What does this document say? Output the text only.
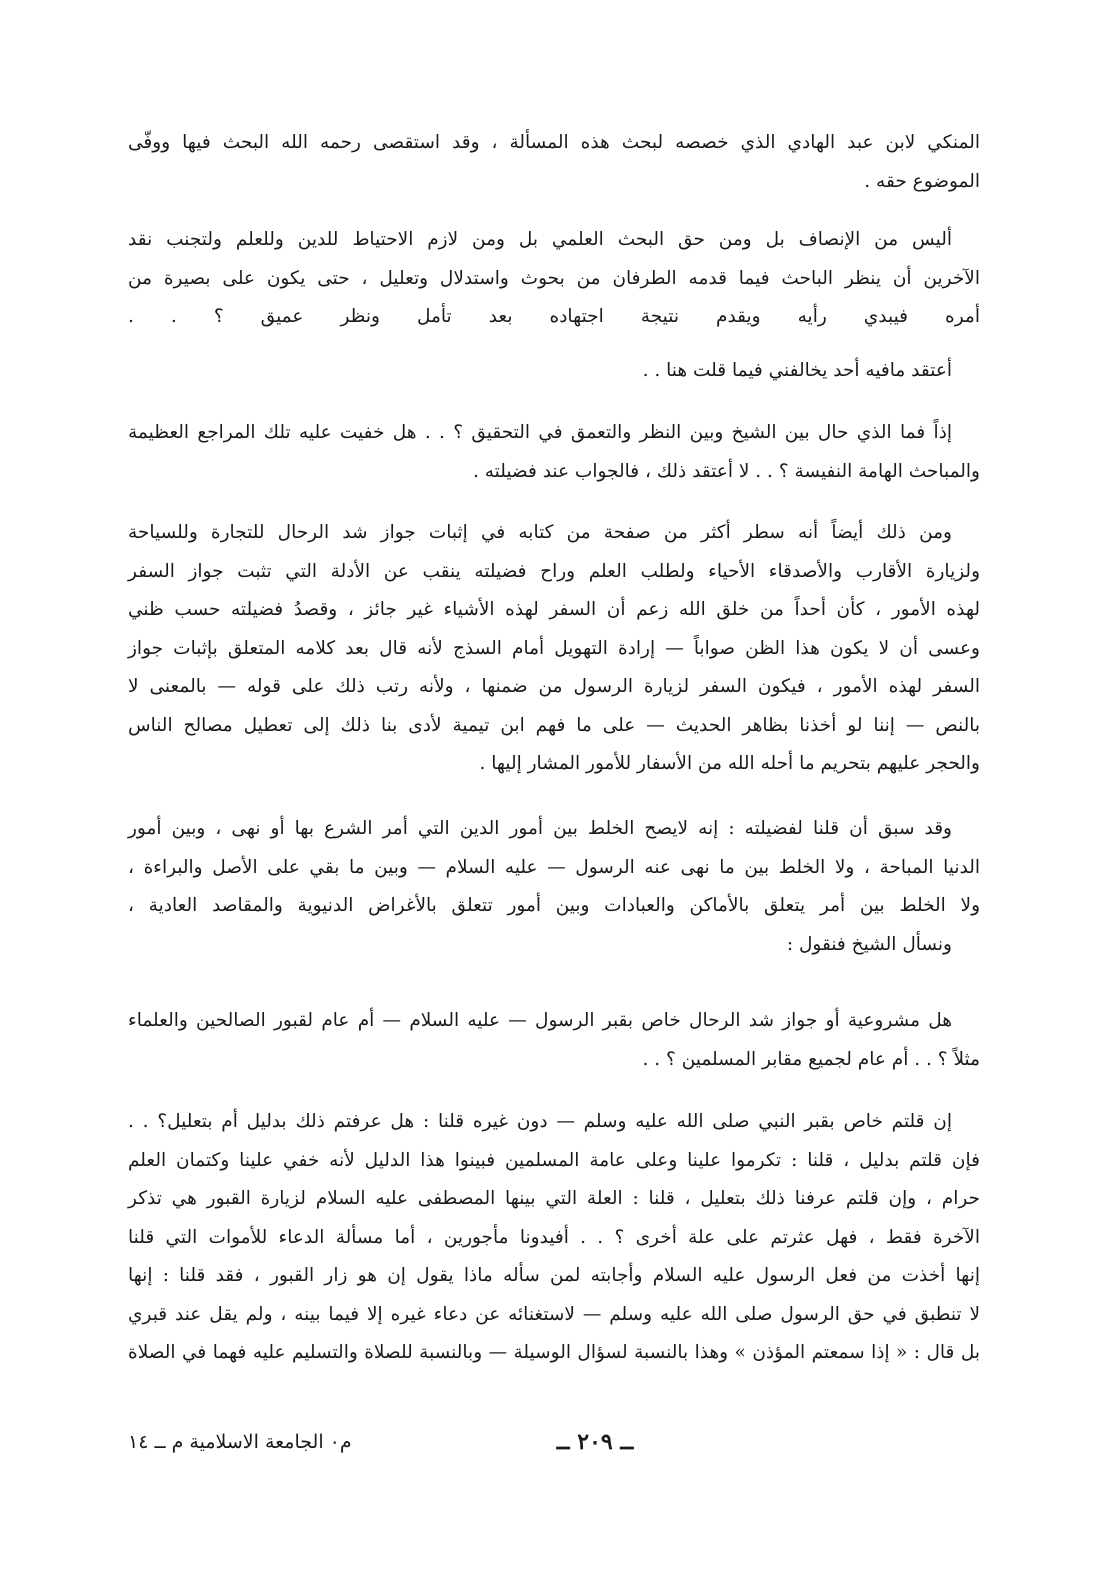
المنكي لابن عبد الهادي الذي خصصه لبحث هذه المسألة ، وقد استقصى رحمه الله البحث فيها ووفّى
الموضوع حقه .
أليس من الإنصاف بل ومن حق البحث العلمي بل ومن لازم الاحتياط للدين وللعلم ولتجنب نقد
الآخرين أن ينظر الباحث فيما قدمه الطرفان من بحوث واستدلال وتعليل ، حتى يكون على بصيرة من
أمره فيبدي رأيه ويقدم نتيجة اجتهاده بعد تأمل ونظر عميق ؟ . .
أعتقد مافيه أحد يخالفني فيما قلت هنا . .
إذاً فما الذي حال بين الشيخ وبين النظر والتعمق في التحقيق ؟ . . هل خفيت عليه تلك المراجع العظيمة
والمباحث الهامة النفيسة ؟ . . لا أعتقد ذلك ، فالجواب عند فضيلته .
ومن ذلك أيضاً أنه سطر أكثر من صفحة من كتابه في إثبات جواز شد الرحال للتجارة وللسياحة
ولزيارة الأقارب والأصدقاء الأحياء ولطلب العلم وراح فضيلته ينقب عن الأدلة التي تثبت جواز السفر
لهذه الأمور ، كأن أحداً من خلق الله زعم أن السفر لهذه الأشياء غير جائز ، وقصدُ فضيلته حسب ظني
وعسى أن لا يكون هذا الظن صواباً — إرادة التهويل أمام السذج لأنه قال بعد كلامه المتعلق بإثبات جواز
السفر لهذه الأمور ، فيكون السفر لزيارة الرسول من ضمنها ، ولأنه رتب ذلك على قوله — بالمعنى لا
بالنص — إننا لو أخذنا بظاهر الحديث — على ما فهم ابن تيمية لأدى بنا ذلك إلى تعطيل مصالح الناس
والحجر عليهم بتحريم ما أحله الله من الأسفار للأمور المشار إليها .
وقد سبق أن قلنا لفضيلته : إنه لايصح الخلط بين أمور الدين التي أمر الشرع بها أو نهى ، وبين أمور
الدنيا المباحة ، ولا الخلط بين ما نهى عنه الرسول — عليه السلام — وبين ما بقي على الأصل والبراءة ،
ولا الخلط بين أمر يتعلق بالأماكن والعبادات وبين أمور تتعلق بالأغراض الدنيوية والمقاصد العادية ،
ونسأل الشيخ فنقول :
هل مشروعية أو جواز شد الرحال خاص بقبر الرسول — عليه السلام — أم عام لقبور الصالحين والعلماء
مثلاً ؟ . . أم عام لجميع مقابر المسلمين ؟ . .
إن قلتم خاص بقبر النبي صلى الله عليه وسلم — دون غيره قلنا : هل عرفتم ذلك بدليل أم بتعليل؟ . .
فإن قلتم بدليل ، قلنا : تكرموا علينا وعلى عامة المسلمين فبينوا هذا الدليل لأنه خفي علينا وكتمان العلم
حرام ، وإن قلتم عرفنا ذلك بتعليل ، قلنا : العلة التي بينها المصطفى عليه السلام لزيارة القبور هي تذكر
الآخرة فقط ، فهل عثرتم على علة أخرى ؟ . . أفيدونا مأجورين ، أما مسألة الدعاء للأموات التي قلنا
إنها أخذت من فعل الرسول عليه السلام وأجابته لمن سأله ماذا يقول إن هو زار القبور ، فقد قلنا : إنها
لا تنطبق في حق الرسول صلى الله عليه وسلم — لاستغنائه عن دعاء غيره إلا فيما بينه ، ولم يقل عند قبري
بل قال : « إذا سمعتم المؤذن » وهذا بالنسبة لسؤال الوسيلة — وبالنسبة للصلاة والتسليم عليه فهما في الصلاة
ــ ٢٠٩ ــ
م٠ الجامعة الاسلامية م ــ ١٤
